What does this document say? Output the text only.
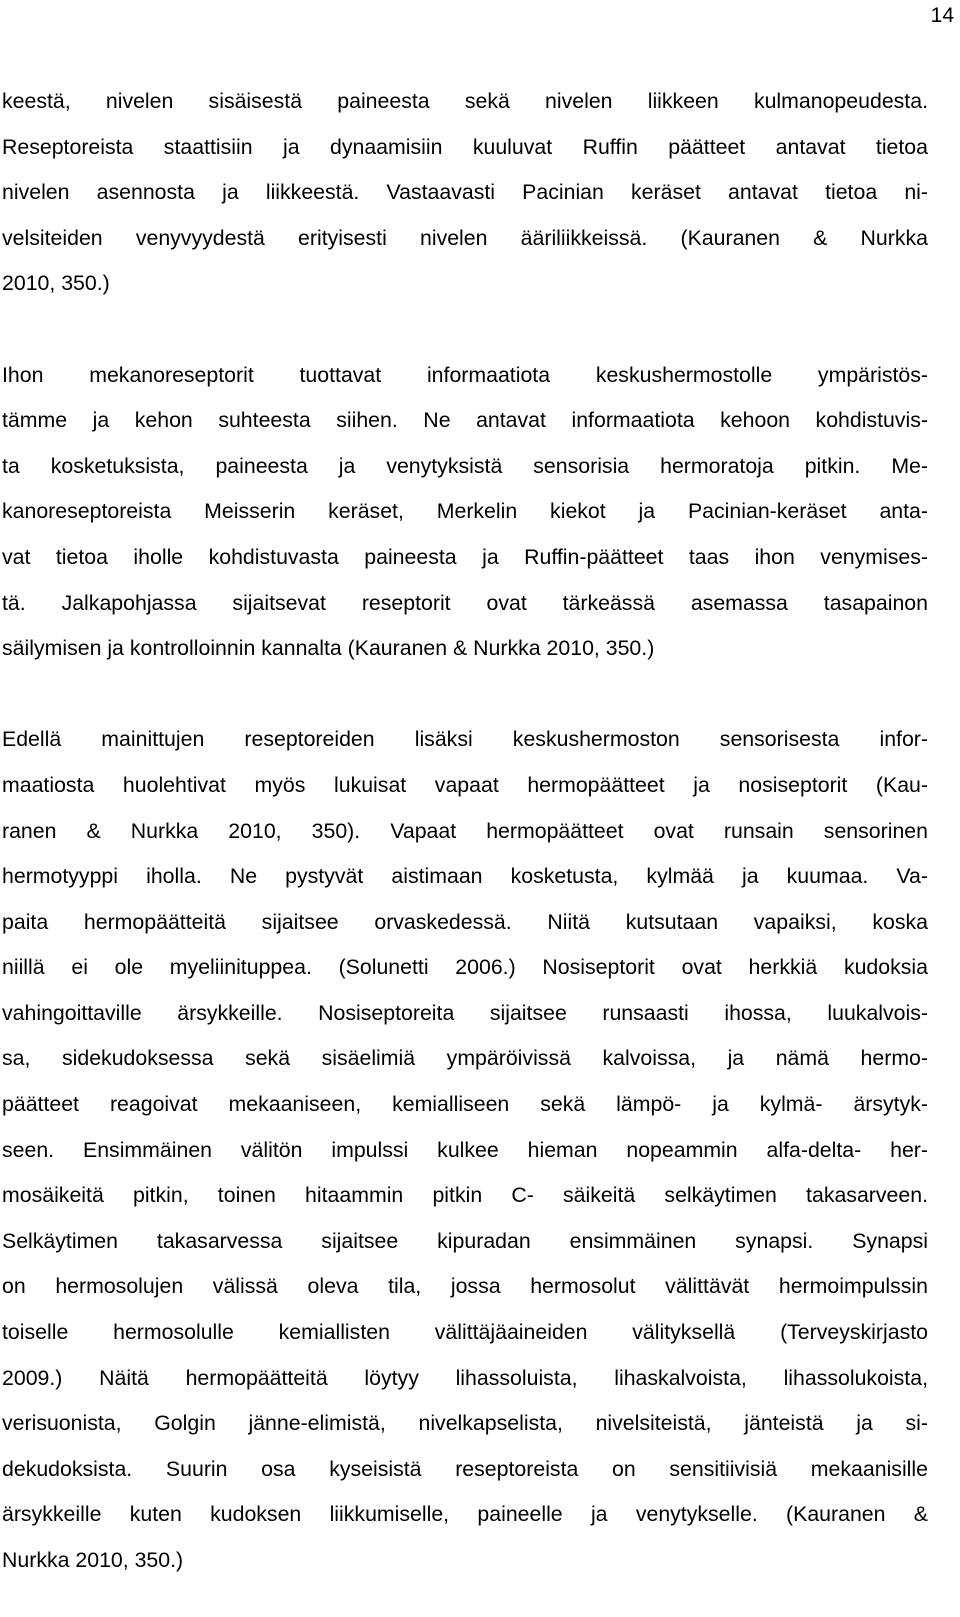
14
keestä, nivelen sisäisestä paineesta sekä nivelen liikkeen kulmanopeudesta.
Reseptoreista staattisiin ja dynaamisiin kuuluvat Ruffin päätteet antavat tietoa
nivelen asennosta ja liikkeestä. Vastaavasti Pacinian keräset antavat tietoa ni-
velsiteiden venyvyydestä erityisesti nivelen ääriliikkeissä. (Kauranen & Nurkka
2010, 350.)
Ihon mekanoreseptorit tuottavat informaatiota keskushermostolle ympäristös-
tämme ja kehon suhteesta siihen. Ne antavat informaatiota kehoon kohdistuvis-
ta kosketuksista, paineesta ja venytyksistä sensorisia hermoratoja pitkin. Me-
kanoreseptoreista Meisserin keräset, Merkelin kiekot ja Pacinian-keräset anta-
vat tietoa iholle kohdistuvasta paineesta ja Ruffin-päätteet taas ihon venymises-
tä. Jalkapohjassa sijaitsevat reseptorit ovat tärkeässä asemassa tasapainon
säilymisen ja kontrolloinnin kannalta (Kauranen & Nurkka 2010, 350.)
Edellä mainittujen reseptoreiden lisäksi keskushermoston sensorisesta infor-
maatiosta huolehtivat myös lukuisat vapaat hermopäätteet ja nosiseptorit (Kau-
ranen & Nurkka 2010, 350). Vapaat hermopäätteet ovat runsain sensorinen
hermotyyppi iholla. Ne pystyvät aistimaan kosketusta, kylmää ja kuumaa. Va-
paita hermopäätteitä sijaitsee orvaskedessä. Niitä kutsutaan vapaiksi, koska
niillä ei ole myeliinituppea. (Solunetti 2006.) Nosiseptorit ovat herkkiä kudoksia
vahingoittaville ärsykkeille. Nosiseptoreita sijaitsee runsaasti ihossa, luukalvois-
sa, sidekudoksessa sekä sisäelimiä ympäröivissä kalvoissa, ja nämä hermo-
päätteet reagoivat mekaaniseen, kemialliseen sekä lämpö- ja kylmä- ärsytyk-
seen. Ensimmäinen välitön impulssi kulkee hieman nopeammin alfa-delta- her-
mosäikeitä pitkin, toinen hitaammin pitkin C- säikeitä selkäytimen takasarveen.
Selkäytimen takasarvessa sijaitsee kipuradan ensimmäinen synapsi. Synapsi
on hermosolujen välissä oleva tila, jossa hermosolut välittävät hermoimpulssin
toiselle hermosolulle kemiallisten välittäjäaineiden välityksellä (Terveyskirjasto
2009.) Näitä hermopäätteitä löytyy lihassoluista, lihaskalvoista, lihassolukoista,
verisuonista, Golgin jänne-elimistä, nivelkapselista, nivelsiteistä, jänteistä ja si-
dekudoksista. Suurin osa kyseisistä reseptoreista on sensitiivisiä mekaanisille
ärsykkeille kuten kudoksen liikkumiselle, paineelle ja venytykselle. (Kauranen &
Nurkka 2010, 350.)
